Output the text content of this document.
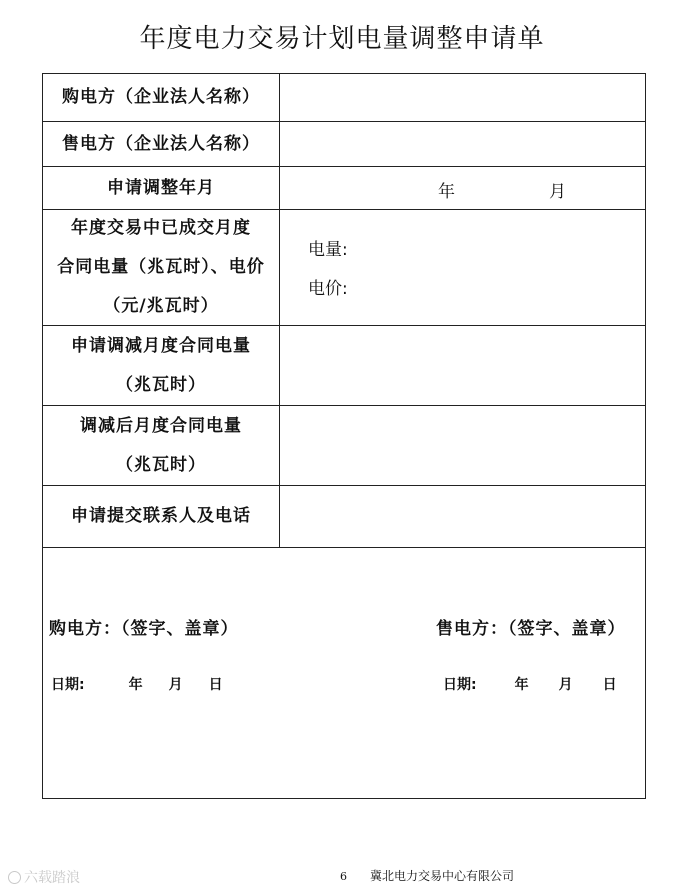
年度电力交易计划电量调整申请单
购电方（企业法人名称）
售电方（企业法人名称）
申请调整年月	年	月
年度交易中已成交月度
合同电量（兆瓦时）、电价
（元/兆瓦时）
电量:
电价:
申请调减月度合同电量
（兆瓦时）
调减后月度合同电量
（兆瓦时）
申请提交联系人及电话
购电方：（签字、盖章）	售电方：（签字、盖章）
日期:	年 月 日	日期:	年 月 日
六载踏浪	6 冀北电力交易中心有限公司
